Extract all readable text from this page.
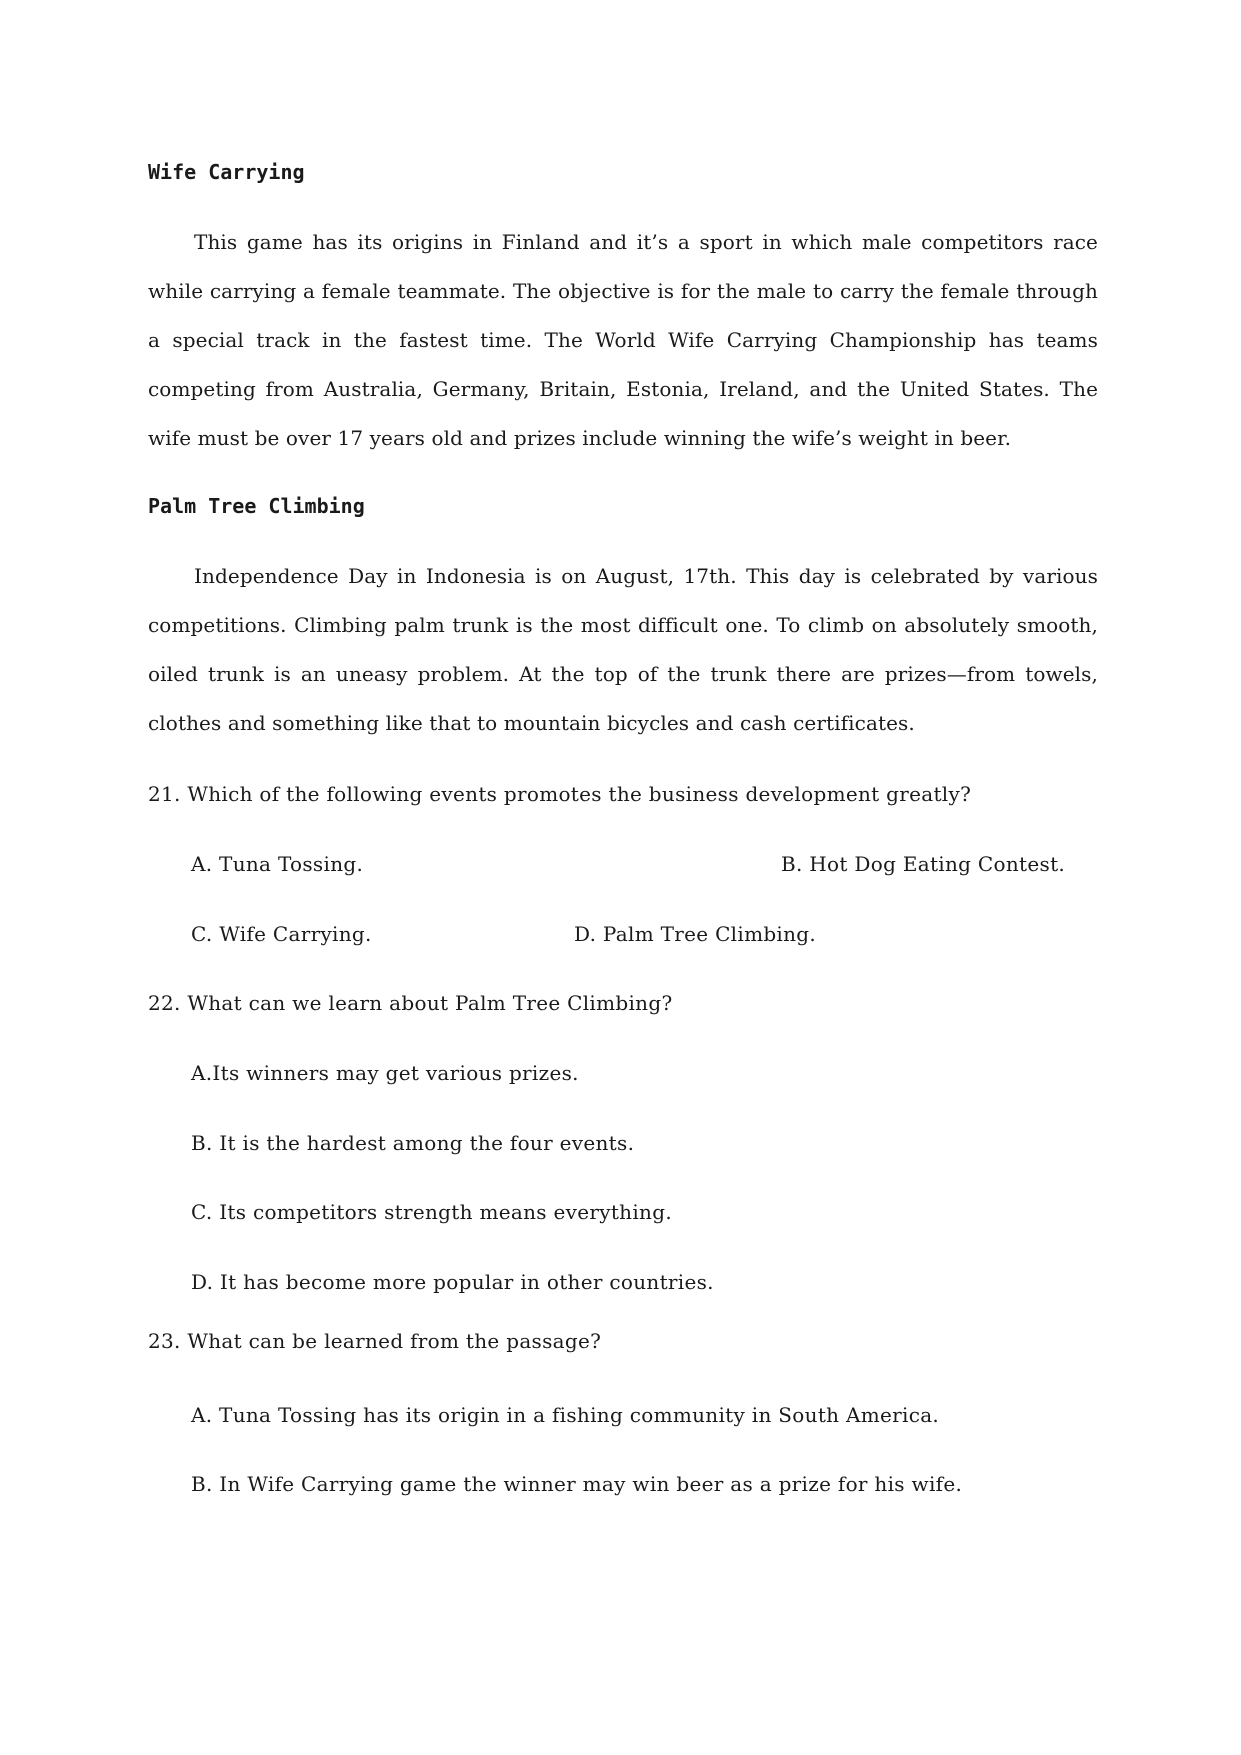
Wife Carrying
This game has its origins in Finland and it’s a sport in which male competitors race while carrying a female teammate. The objective is for the male to carry the female through a special track in the fastest time. The World Wife Carrying Championship has teams competing from Australia, Germany, Britain, Estonia, Ireland, and the United States. The wife must be over 17 years old and prizes include winning the wife’s weight in beer.
Palm Tree Climbing
Independence Day in Indonesia is on August, 17th. This day is celebrated by various competitions. Climbing palm trunk is the most difficult one. To climb on absolutely smooth, oiled trunk is an uneasy problem. At the top of the trunk there are prizes—from towels, clothes and something like that to mountain bicycles and cash certificates.
21. Which of the following events promotes the business development greatly?
A. Tuna Tossing.	B. Hot Dog Eating Contest.
C. Wife Carrying.	D. Palm Tree Climbing.
22. What can we learn about Palm Tree Climbing?
A.Its winners may get various prizes.
B. It is the hardest among the four events.
C. Its competitors strength means everything.
D. It has become more popular in other countries.
23. What can be learned from the passage?
A. Tuna Tossing has its origin in a fishing community in South America.
B. In Wife Carrying game the winner may win beer as a prize for his wife.
